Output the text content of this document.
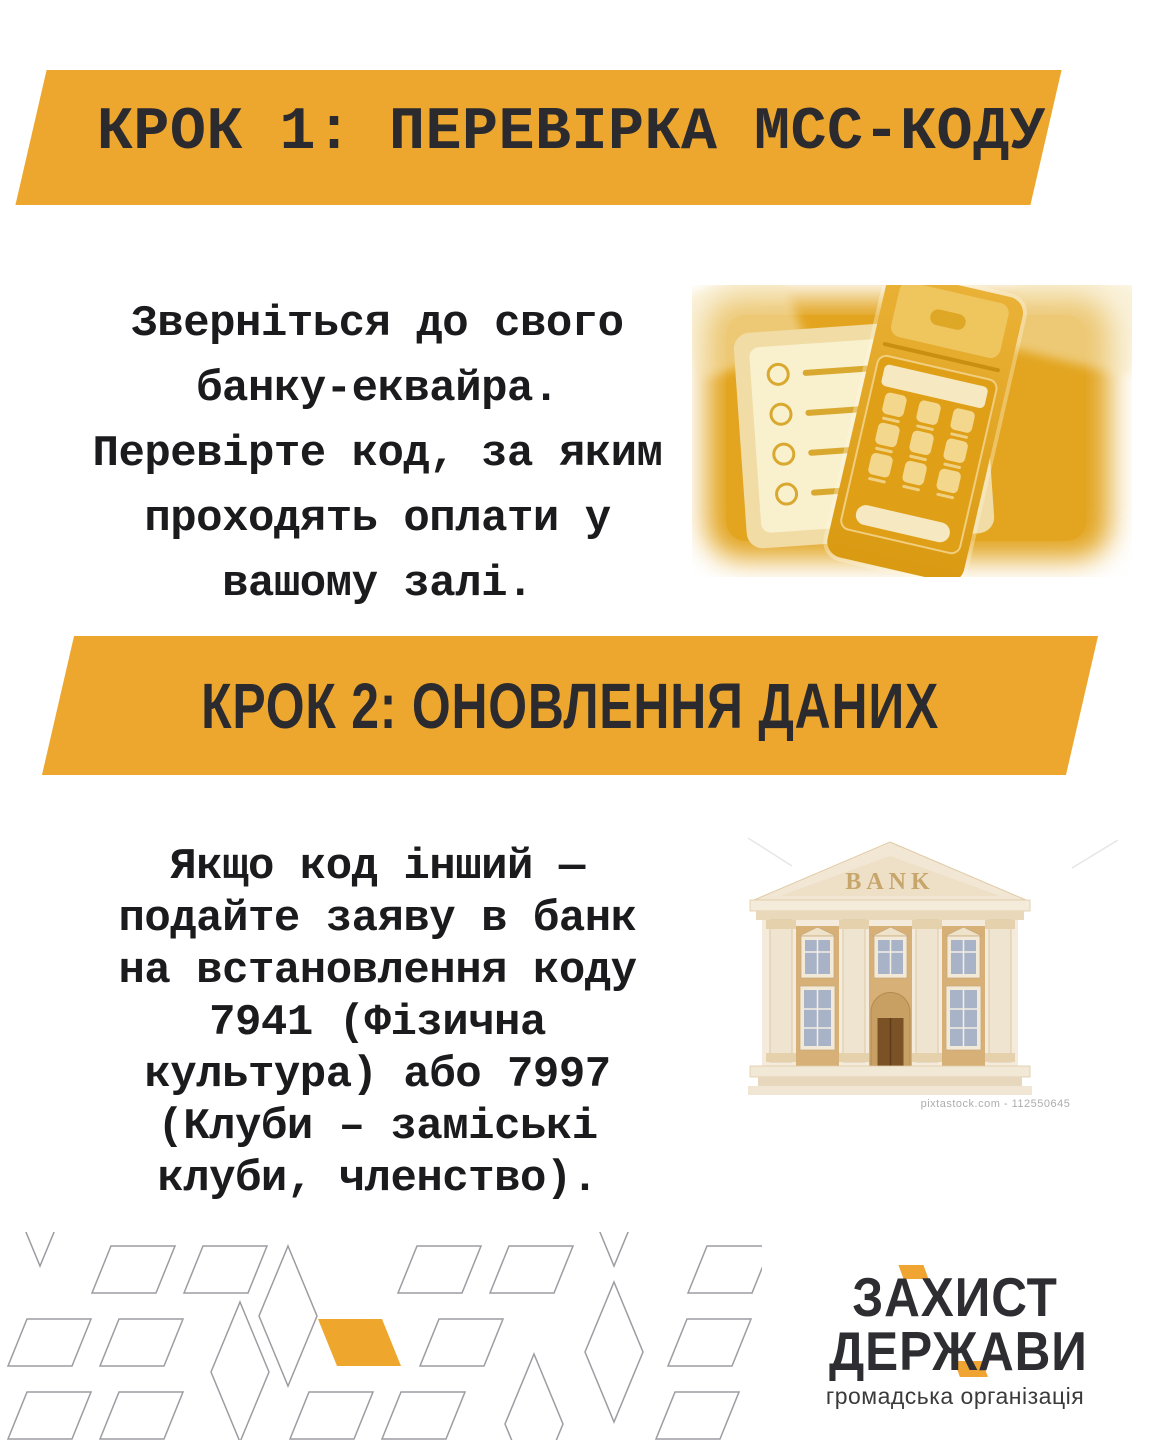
КРОК 1: ПЕРЕВІРКА МСС-КОДУ
Зверніться до свого
банку-еквайра.
Перевірте код, за яким
проходять оплати у
вашому залі.
КРОК 2: ОНОВЛЕННЯ ДАНИХ
Якщо код інший —
подайте заяву в банк
на встановлення коду
7941 (Фізична
культура) або 7997
(Клуби – заміські
клуби, членство).
BANK
pixtastock.com - 112550645
ЗАХИСТ
ДЕРЖАВИ
громадська організація
